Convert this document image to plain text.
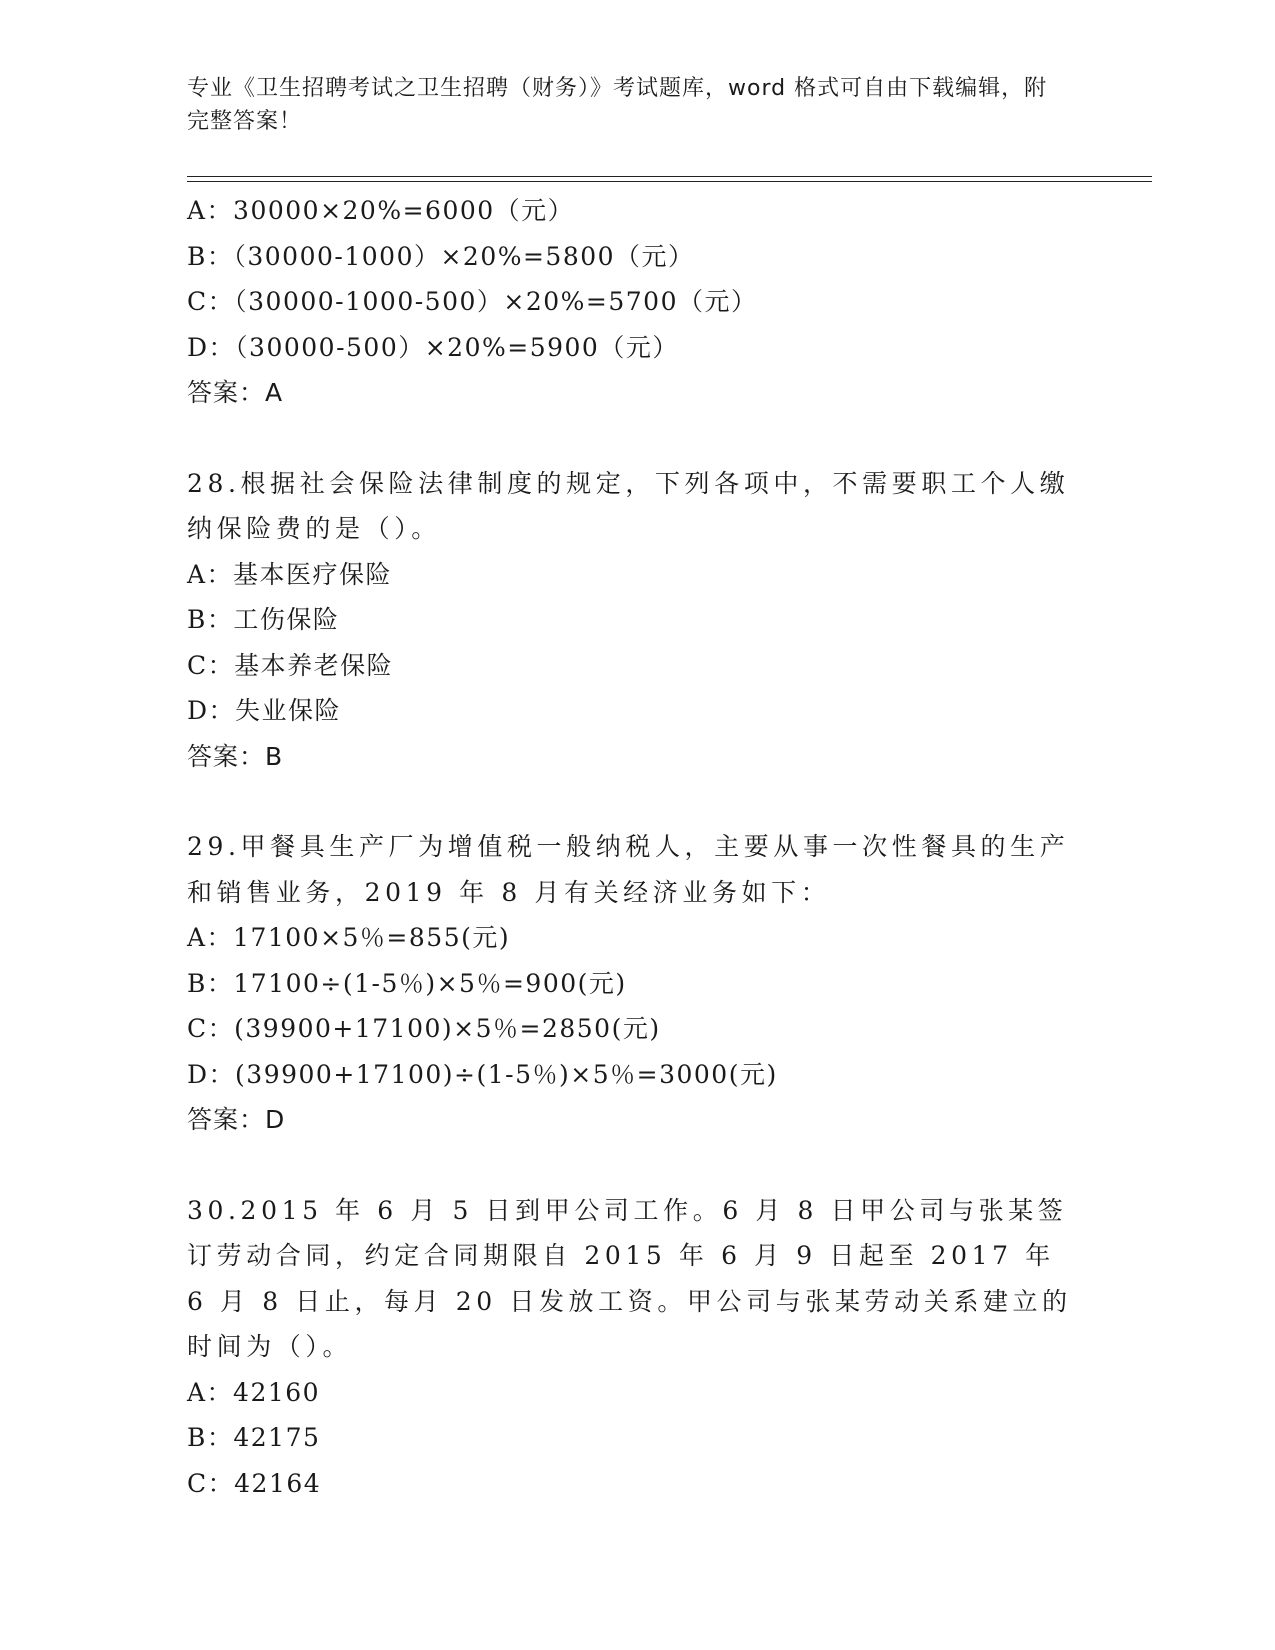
专业《卫生招聘考试之卫生招聘（财务）》考试题库，word 格式可自由下载编辑，附完整答案！
A：30000×20%=6000（元）
B：（30000-1000）×20%=5800（元）
C：（30000-1000-500）×20%=5700（元）
D：（30000-500）×20%=5900（元）
答案：A
28.根据社会保险法律制度的规定，下列各项中，不需要职工个人缴纳保险费的是（）。
A：基本医疗保险
B：工伤保险
C：基本养老保险
D：失业保险
答案：B
29.甲餐具生产厂为增值税一般纳税人，主要从事一次性餐具的生产和销售业务，2019 年 8 月有关经济业务如下：
A：17100×5％=855(元)
B：17100÷(1-5％)×5％=900(元)
C：(39900+17100)×5％=2850(元)
D：(39900+17100)÷(1-5％)×5％=3000(元)
答案：D
30.2015 年 6 月 5 日到甲公司工作。6 月 8 日甲公司与张某签订劳动合同，约定合同期限自 2015 年 6 月 9 日起至 2017 年 6 月 8 日止，每月 20 日发放工资。甲公司与张某劳动关系建立的时间为（）。
A：42160
B：42175
C：42164
